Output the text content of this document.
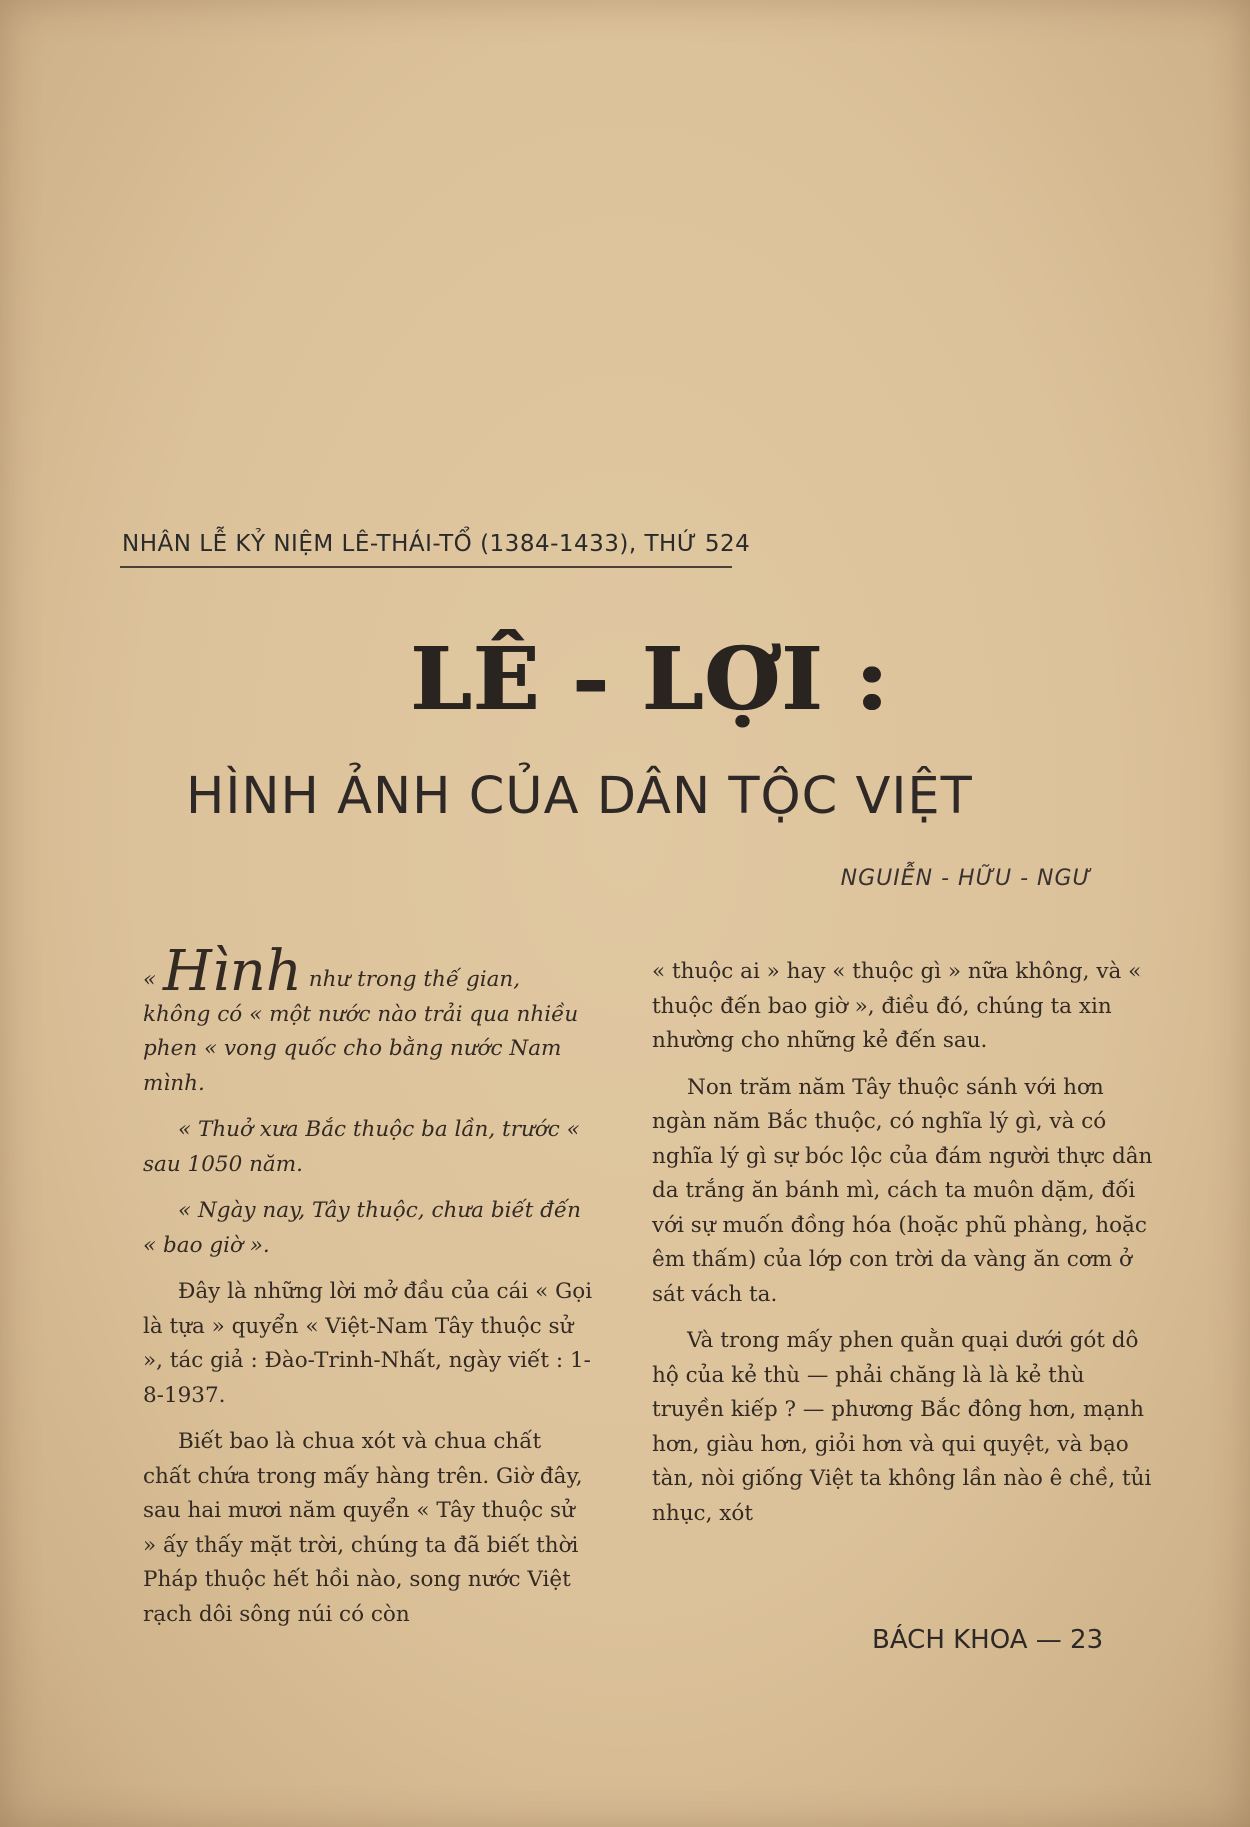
NHÂN LỄ KỶ NIỆM LÊ-THÁI-TỔ (1384-1433), THỨ 524
LÊ - LỢI :
HÌNH ẢNH CỦA DÂN TỘC VIỆT
NGUIỄN - HỮU - NGƯ

« Hình như trong thế gian, không có « một nước nào trải qua nhiều phen « vong quốc cho bằng nước Nam mình.

« Thuở xưa Bắc thuộc ba lần, trước « sau 1050 năm.

« Ngày nay, Tây thuộc, chưa biết đến « bao giờ ».

Đây là những lời mở đầu của cái « Gọi là tựa » quyển « Việt-Nam Tây thuộc sử », tác giả : Đào-Trinh-Nhất, ngày viết : 1-8-1937.

Biết bao là chua xót và chua chất chất chứa trong mấy hàng trên. Giờ đây, sau hai mươi năm quyển « Tây thuộc sử » ấy thấy mặt trời, chúng ta đã biết thời Pháp thuộc hết hồi nào, song nước Việt rạch dôi sông núi có còn

« thuộc ai » hay « thuộc gì » nữa không, và « thuộc đến bao giờ », điều đó, chúng ta xin nhường cho những kẻ đến sau.

Non trăm năm Tây thuộc sánh với hơn ngàn năm Bắc thuộc, có nghĩa lý gì, và có nghĩa lý gì sự bóc lộc của đám người thực dân da trắng ăn bánh mì, cách ta muôn dặm, đối với sự muốn đồng hóa (hoặc phũ phàng, hoặc êm thấm) của lớp con trời da vàng ăn cơm ở sát vách ta.

Và trong mấy phen quằn quại dưới gót dô hộ của kẻ thù — phải chăng là là kẻ thù truyền kiếp ? — phương Bắc đông hơn, mạnh hơn, giàu hơn, giỏi hơn và qui quyệt, và bạo tàn, nòi giống Việt ta không lần nào ê chề, tủi nhục, xót

BÁCH KHOA — 23
